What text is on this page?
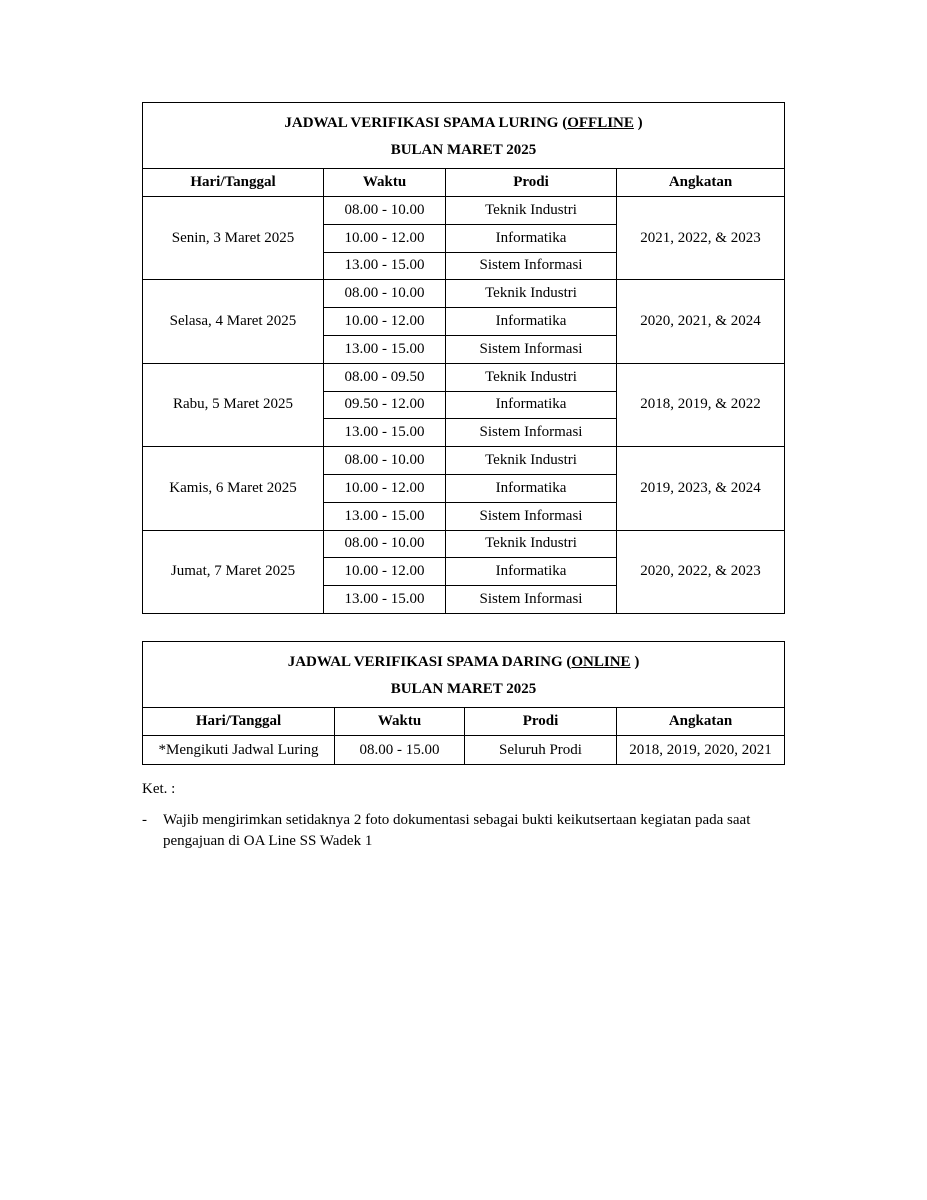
JADWAL VERIFIKASI SPAMA LURING (OFFLINE )
BULAN MARET 2025			

Hari/Tanggal	Waktu	Prodi	Angkatan
Senin, 3 Maret 2025	08.00 - 10.00	Teknik Industri	2021, 2022, & 2023
	10.00 - 12.00	Informatika	
	13.00 - 15.00	Sistem Informasi	
Selasa, 4 Maret 2025	08.00 - 10.00	Teknik Industri	2020, 2021, & 2024
	10.00 - 12.00	Informatika	
	13.00 - 15.00	Sistem Informasi	
Rabu, 5 Maret 2025	08.00 - 09.50	Teknik Industri	2018, 2019, & 2022
	09.50 - 12.00	Informatika	
	13.00 - 15.00	Sistem Informasi	
Kamis, 6 Maret 2025	08.00 - 10.00	Teknik Industri	2019, 2023, & 2024
	10.00 - 12.00	Informatika	
	13.00 - 15.00	Sistem Informasi	
Jumat, 7 Maret 2025	08.00 - 10.00	Teknik Industri	2020, 2022, & 2023
	10.00 - 12.00	Informatika	
	13.00 - 15.00	Sistem Informasi	
JADWAL VERIFIKASI SPAMA DARING (ONLINE )
BULAN MARET 2025			

Hari/Tanggal	Waktu	Prodi	Angkatan
*Mengikuti Jadwal Luring	08.00 - 15.00	Seluruh Prodi	2018, 2019, 2020, 2021

Ket. :

- Wajib mengirimkan setidaknya 2 foto dokumentasi sebagai bukti keikutsertaan kegiatan pada saat pengajuan di OA Line SS Wadek 1
